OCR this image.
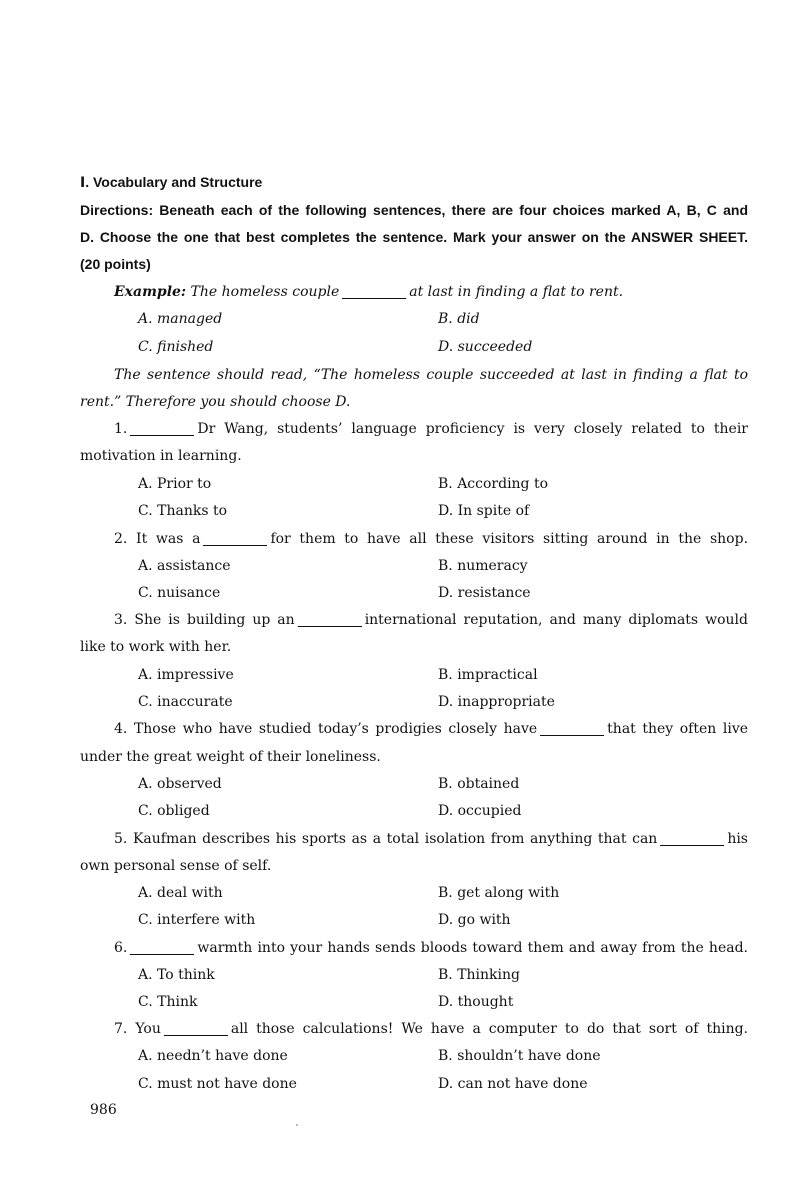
Ⅰ. Vocabulary and Structure
Directions: Beneath each of the following sentences, there are four choices marked A, B, C and
D. Choose the one that best completes the sentence. Mark your answer on the ANSWER SHEET.
(20 points)
Example: The homeless couple	at last in finding a flat to rent.
A. managed	B. did
C. finished	D. succeeded
The sentence should read, “The homeless couple succeeded at last in finding a flat to
rent.” Therefore you should choose D.
1.	Dr Wang, students’ language proficiency is very closely related to their
motivation in learning.
A. Prior to	B. According to
C. Thanks to	D. In spite of
2. It was a	for them to have all these visitors sitting around in the shop.
A. assistance	B. numeracy
C. nuisance	D. resistance
3. She is building up an	international reputation, and many diplomats would
like to work with her.
A. impressive	B. impractical
C. inaccurate	D. inappropriate
4. Those who have studied today’s prodigies closely have	that they often live
under the great weight of their loneliness.
A. observed	B. obtained
C. obliged	D. occupied
5. Kaufman describes his sports as a total isolation from anything that can	his
own personal sense of self.
A. deal with	B. get along with
C. interfere with	D. go with
6.	warmth into your hands sends bloods toward them and away from the head.
A. To think	B. Thinking
C. Think	D. thought
7. You	all those calculations! We have a computer to do that sort of thing.
A. needn’t have done	B. shouldn’t have done
C. must not have done	D. can not have done
986
